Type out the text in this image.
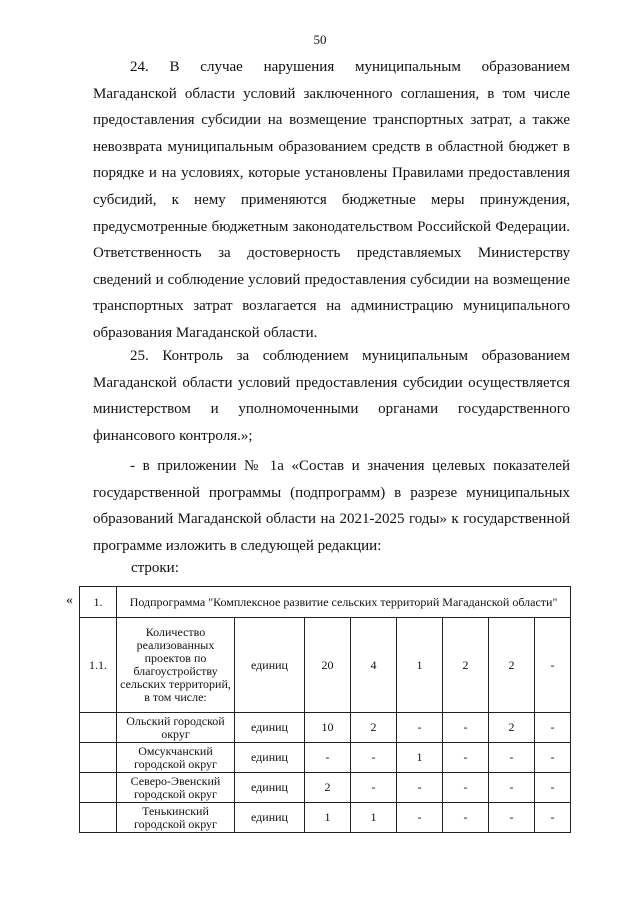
50

24. В случае нарушения муниципальным образованием Магаданской области условий заключенного соглашения, в том числе предоставления субсидии на возмещение транспортных затрат, а также невозврата муниципальным образованием средств в областной бюджет в порядке и на условиях, которые установлены Правилами предоставления субсидий, к нему применяются бюджетные меры принуждения, предусмотренные бюджетным законодательством Российской Федерации. Ответственность за достоверность представляемых Министерству сведений и соблюдение условий предоставления субсидии на возмещение транспортных затрат возлагается на администрацию муниципального образования Магаданской области.

25. Контроль за соблюдением муниципальным образованием Магаданской области условий предоставления субсидии осуществляется министерством и уполномоченными органами государственного финансового контроля.»;

- в приложении № 1а «Состав и значения целевых показателей государственной программы (подпрограмм) в разрезе муниципальных образований Магаданской области на 2021-2025 годы» к государственной программе изложить в следующей редакции:

строки:
« 1.	Подпрограмма "Комплексное развитие сельских территорий Магаданской области"							
1.1.	Количество реализованных проектов по благоустройству сельских территорий, в том числе:	единиц	20	4	1	2	2	-
	Ольский городской округ	единиц	10	2	-	-	2	-
	Омсукчанский городской округ	единиц	-	-	1	-	-	-
	Северо-Эвенский городской округ	единиц	2	-	-	-	-	-
	Тенькинский городской округ	единиц	1	1	-	-	-	-
